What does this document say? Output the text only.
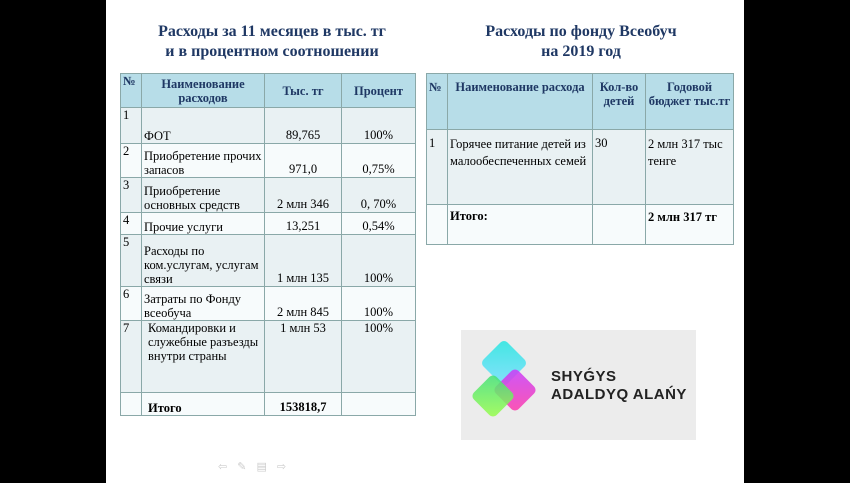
Расходы за 11 месяцев в тыс. тг
и в процентном соотношении
Расходы по фонду Всеобуч
на 2019 год
№	Наименование расходов	Тыс. тг	Процент
1	ФОТ	89,765	100%
2	Приобретение прочих запасов	971,0	0,75%
3	Приобретение основных средств	2 млн 346	0, 70%
4	Прочие услуги	13,251	0,54%
5	Расходы по ком.услугам, услугам связи	1 млн 135	100%
6	Затраты по Фонду всеобуча	2 млн 845	100%
7	Командировки и служебные разъезды внутри страны	1 млн 53	100%
	Итого	153818,7	
№	Наименование расхода	Кол-во детей	Годовой бюджет тыс.тг
1	Горячее питание детей из малообеспеченных семей	30	2 млн 317 тыс тенге
	Итого:		2 млн 317 тг
SHYǴYS
ADALDYQ ALAŃY
⇦ ✎ ▤ ⇨
